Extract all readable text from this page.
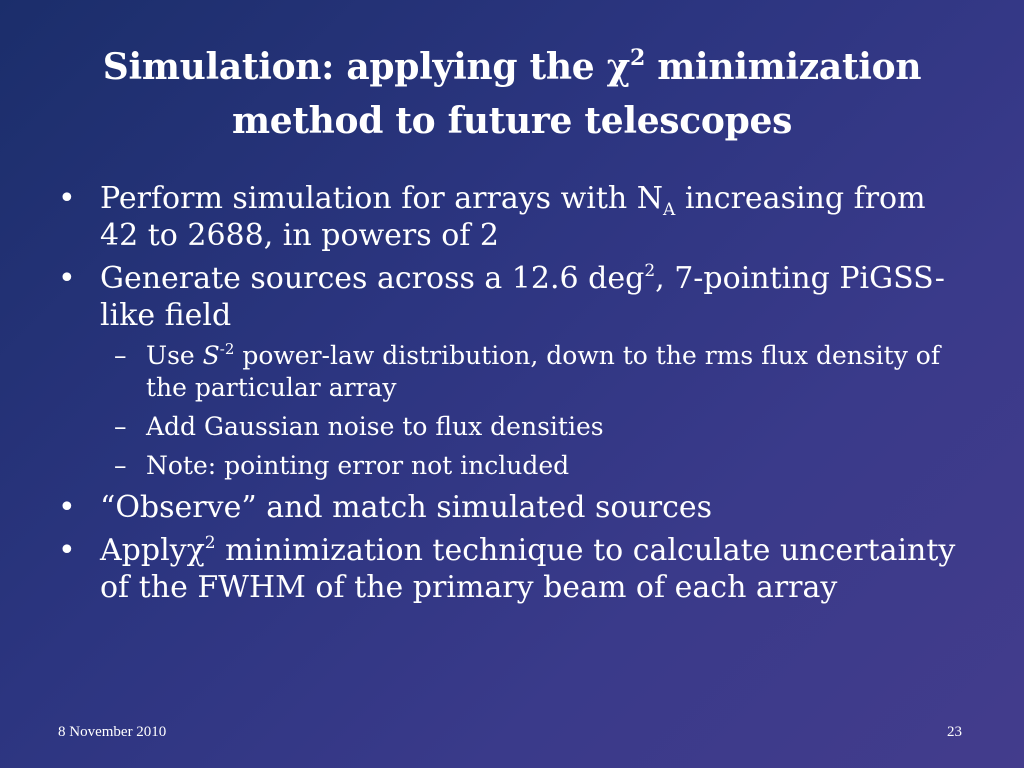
Simulation: applying the $\chi^2$ minimization
method to future telescopes
• Perform simulation for arrays with $N_A$ increasing from 42 to 2688, in powers of 2
• Generate sources across a 12.6 deg$^2$, 7-pointing PiGSS-like field
– Use $S^{-2}$ power-law distribution, down to the rms flux density of the particular array
– Add Gaussian noise to flux densities
– Note: pointing error not included
• “Observe” and match simulated sources
• Applyχ$^2$ minimization technique to calculate uncertainty of the FWHM of the primary beam of each array
8 November 2010	23
